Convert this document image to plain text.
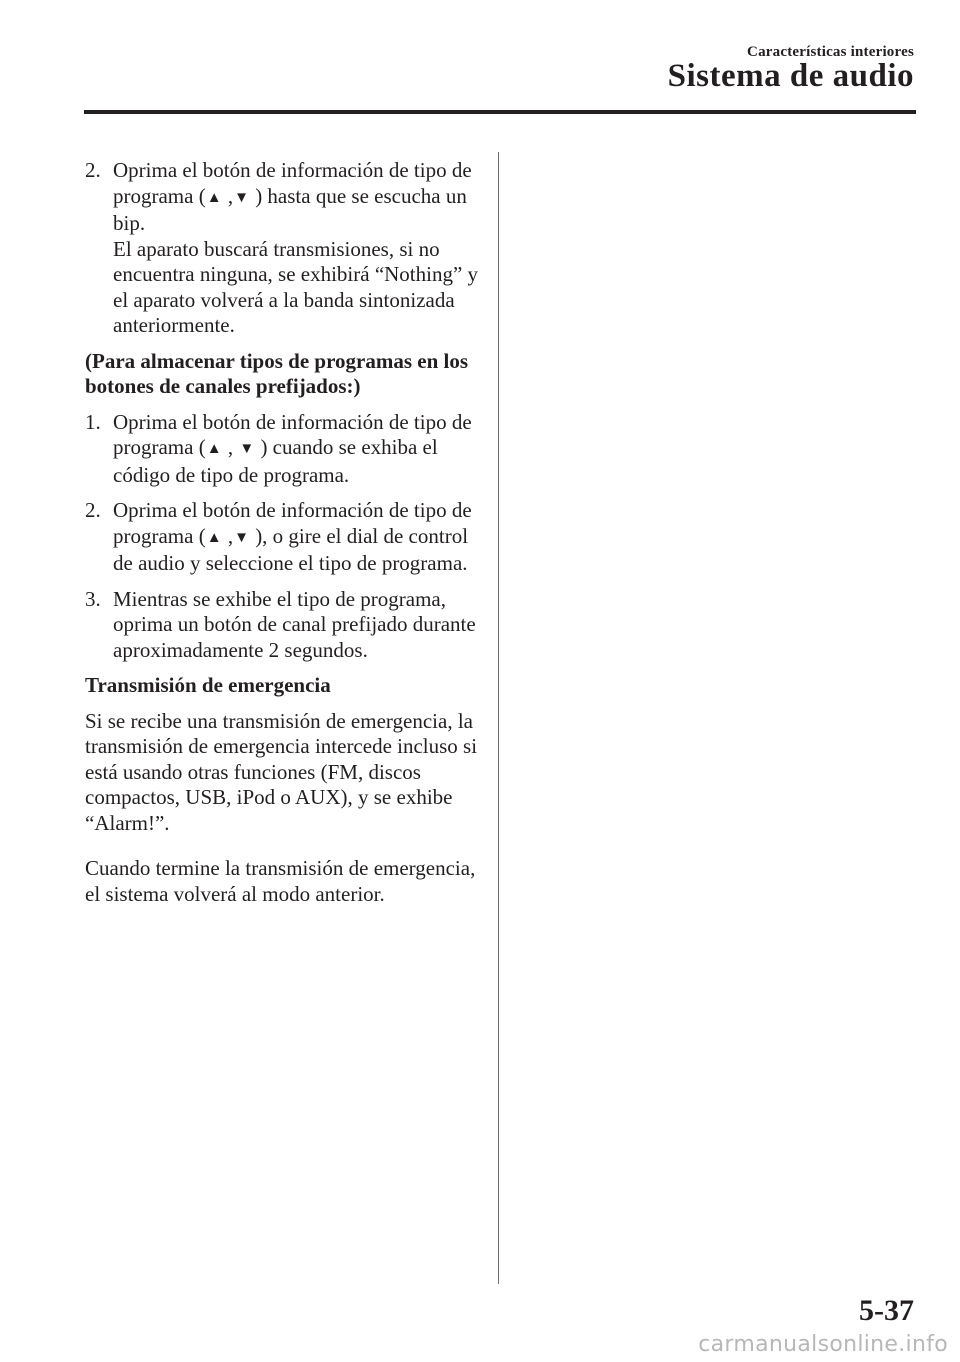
Características interiores
Sistema de audio
2. Oprima el botón de información de tipo de programa (▲ ,▼ ) hasta que se escucha un bip.
El aparato buscará transmisiones, si no encuentra ninguna, se exhibirá “Nothing” y el aparato volverá a la banda sintonizada anteriormente.
(Para almacenar tipos de programas en los botones de canales prefijados:)
1. Oprima el botón de información de tipo de programa (▲ , ▼ ) cuando se exhiba el código de tipo de programa.
2. Oprima el botón de información de tipo de programa (▲ ,▼ ), o gire el dial de control de audio y seleccione el tipo de programa.
3. Mientras se exhibe el tipo de programa, oprima un botón de canal prefijado durante aproximadamente 2 segundos.
Transmisión de emergencia
Si se recibe una transmisión de emergencia, la transmisión de emergencia intercede incluso si está usando otras funciones (FM, discos compactos, USB, iPod o AUX), y se exhibe “Alarm!”.
Cuando termine la transmisión de emergencia, el sistema volverá al modo anterior.
5-37
carmanualsonline.info
